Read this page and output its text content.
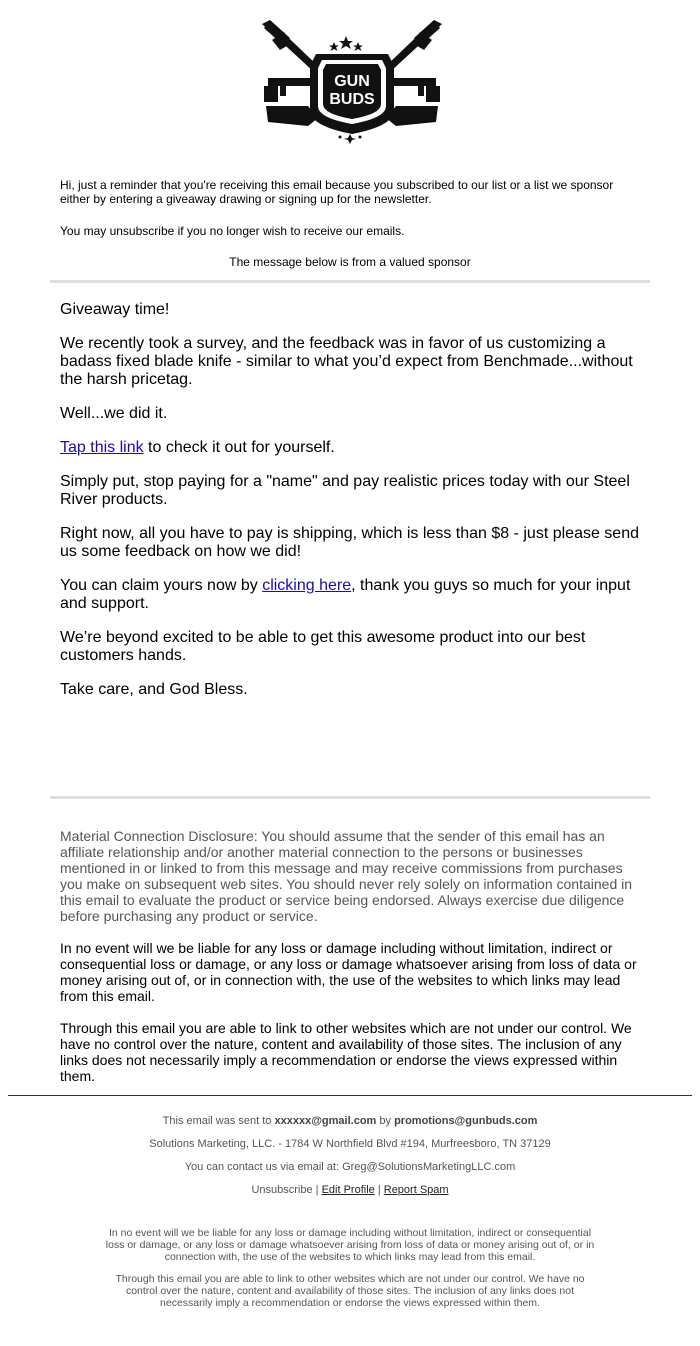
GUN
BUDS

Hi, just a reminder that you're receiving this email because you subscribed to our list or a list we sponsor either by entering a giveaway drawing or signing up for the newsletter.

You may unsubscribe if you no longer wish to receive our emails.
The message below is from a valued sponsor

Giveaway time!

We recently took a survey, and the feedback was in favor of us customizing a badass fixed blade knife - similar to what you’d expect from Benchmade...without the harsh pricetag.

Well...we did it.

Tap this link to check it out for yourself.

Simply put, stop paying for a "name" and pay realistic prices today with our Steel River products.

Right now, all you have to pay is shipping, which is less than $8 - just please send us some feedback on how we did!

You can claim yours now by clicking here, thank you guys so much for your input and support.

We’re beyond excited to be able to get this awesome product into our best customers hands.

Take care, and God Bless.

Material Connection Disclosure: You should assume that the sender of this email has an affiliate relationship and/or another material connection to the persons or businesses mentioned in or linked to from this message and may receive commissions from purchases you make on subsequent web sites. You should never rely solely on information contained in this email to evaluate the product or service being endorsed. Always exercise due diligence before purchasing any product or service.

In no event will we be liable for any loss or damage including without limitation, indirect or consequential loss or damage, or any loss or damage whatsoever arising from loss of data or money arising out of, or in connection with, the use of the websites to which links may lead from this email.

Through this email you are able to link to other websites which are not under our control. We have no control over the nature, content and availability of those sites. The inclusion of any links does not necessarily imply a recommendation or endorse the views expressed within them.

This email was sent to xxxxxx@gmail.com by promotions@gunbuds.com
Solutions Marketing, LLC. - 1784 W Northfield Blvd #194, Murfreesboro, TN 37129
You can contact us via email at: Greg@SolutionsMarketingLLC.com
Unsubscribe | Edit Profile | Report Spam

In no event will we be liable for any loss or damage including without limitation, indirect or consequential loss or damage, or any loss or damage whatsoever arising from loss of data or money arising out of, or in connection with, the use of the websites to which links may lead from this email.

Through this email you are able to link to other websites which are not under our control. We have no control over the nature, content and availability of those sites. The inclusion of any links does not necessarily imply a recommendation or endorse the views expressed within them.
